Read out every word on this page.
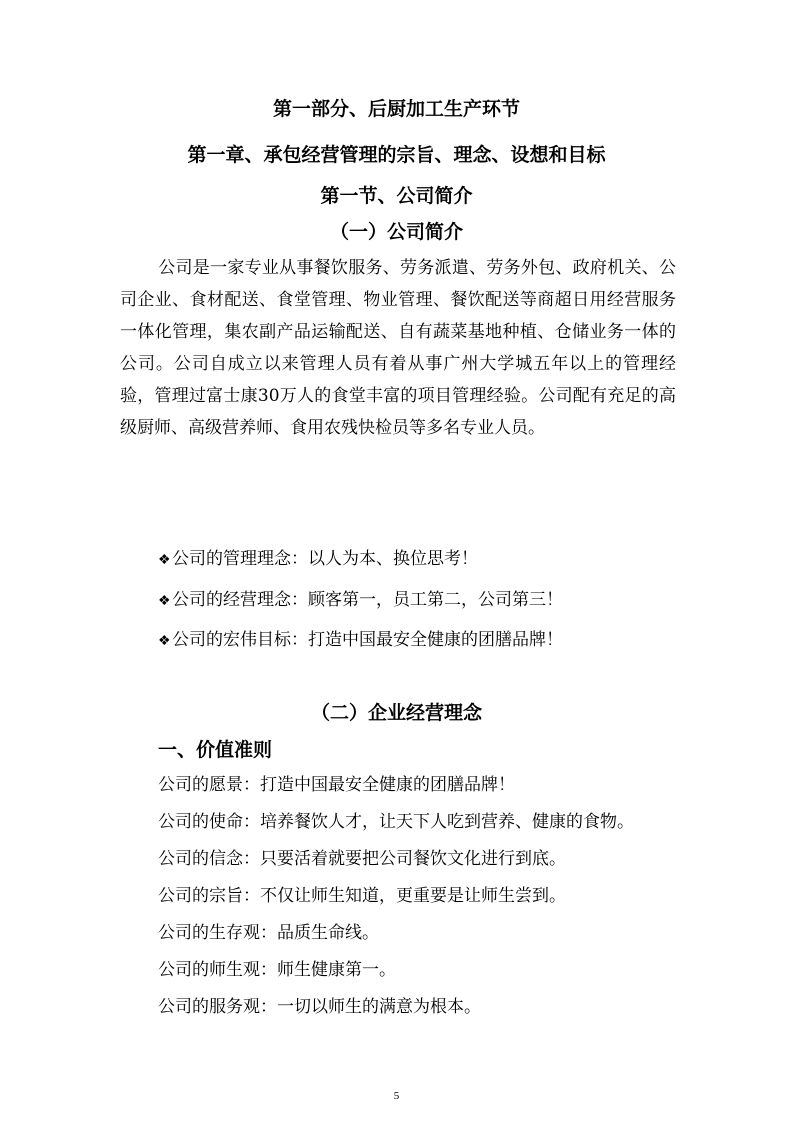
第一部分、后厨加工生产环节
第一章、承包经营管理的宗旨、理念、设想和目标
第一节、公司简介
（一）公司简介
公司是一家专业从事餐饮服务、劳务派遣、劳务外包、政府机关、公司企业、食材配送、食堂管理、物业管理、餐饮配送等商超日用经营服务一体化管理，集农副产品运输配送、自有蔬菜基地种植、仓储业务一体的公司。公司自成立以来管理人员有着从事广州大学城五年以上的管理经验，管理过富士康30万人的食堂丰富的项目管理经验。公司配有充足的高级厨师、高级营养师、食用农残快检员等多名专业人员。
❖公司的管理理念：以人为本、换位思考！
❖公司的经营理念：顾客第一，员工第二，公司第三！
❖公司的宏伟目标：打造中国最安全健康的团膳品牌！
（二）企业经营理念
一、价值准则
公司的愿景：打造中国最安全健康的团膳品牌！
公司的使命：培养餐饮人才，让天下人吃到营养、健康的食物。
公司的信念：只要活着就要把公司餐饮文化进行到底。
公司的宗旨：不仅让师生知道，更重要是让师生尝到。
公司的生存观：品质生命线。
公司的师生观：师生健康第一。
公司的服务观：一切以师生的满意为根本。
5
